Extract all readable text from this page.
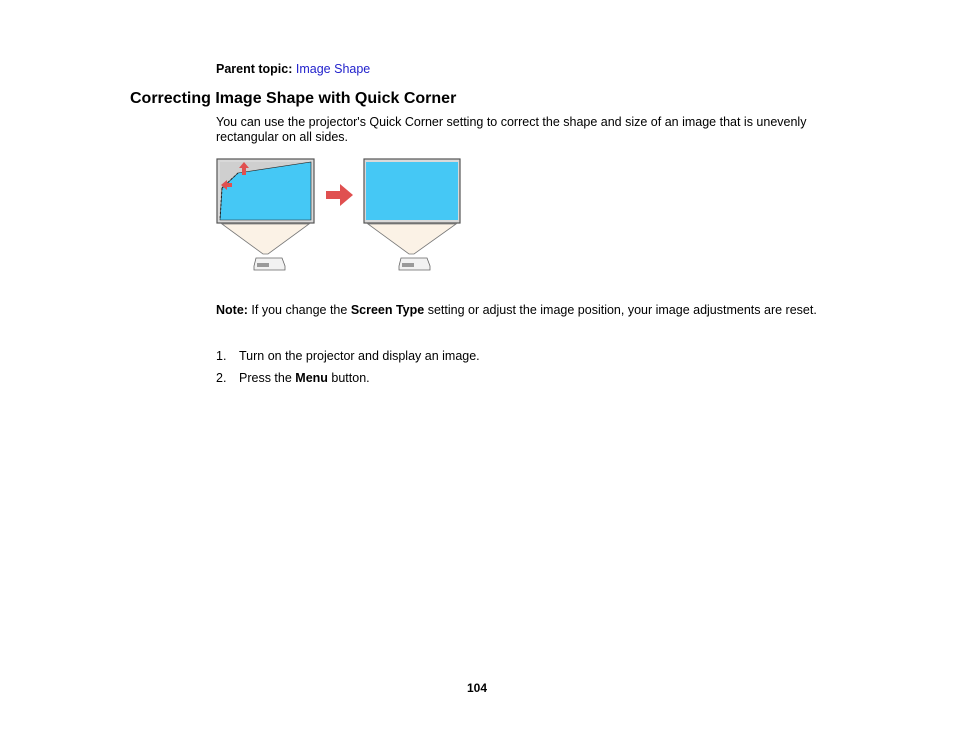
Parent topic: Image Shape
Correcting Image Shape with Quick Corner
You can use the projector's Quick Corner setting to correct the shape and size of an image that is unevenly rectangular on all sides.
Note: If you change the Screen Type setting or adjust the image position, your image adjustments are reset.
1. Turn on the projector and display an image.
2. Press the Menu button.
104
